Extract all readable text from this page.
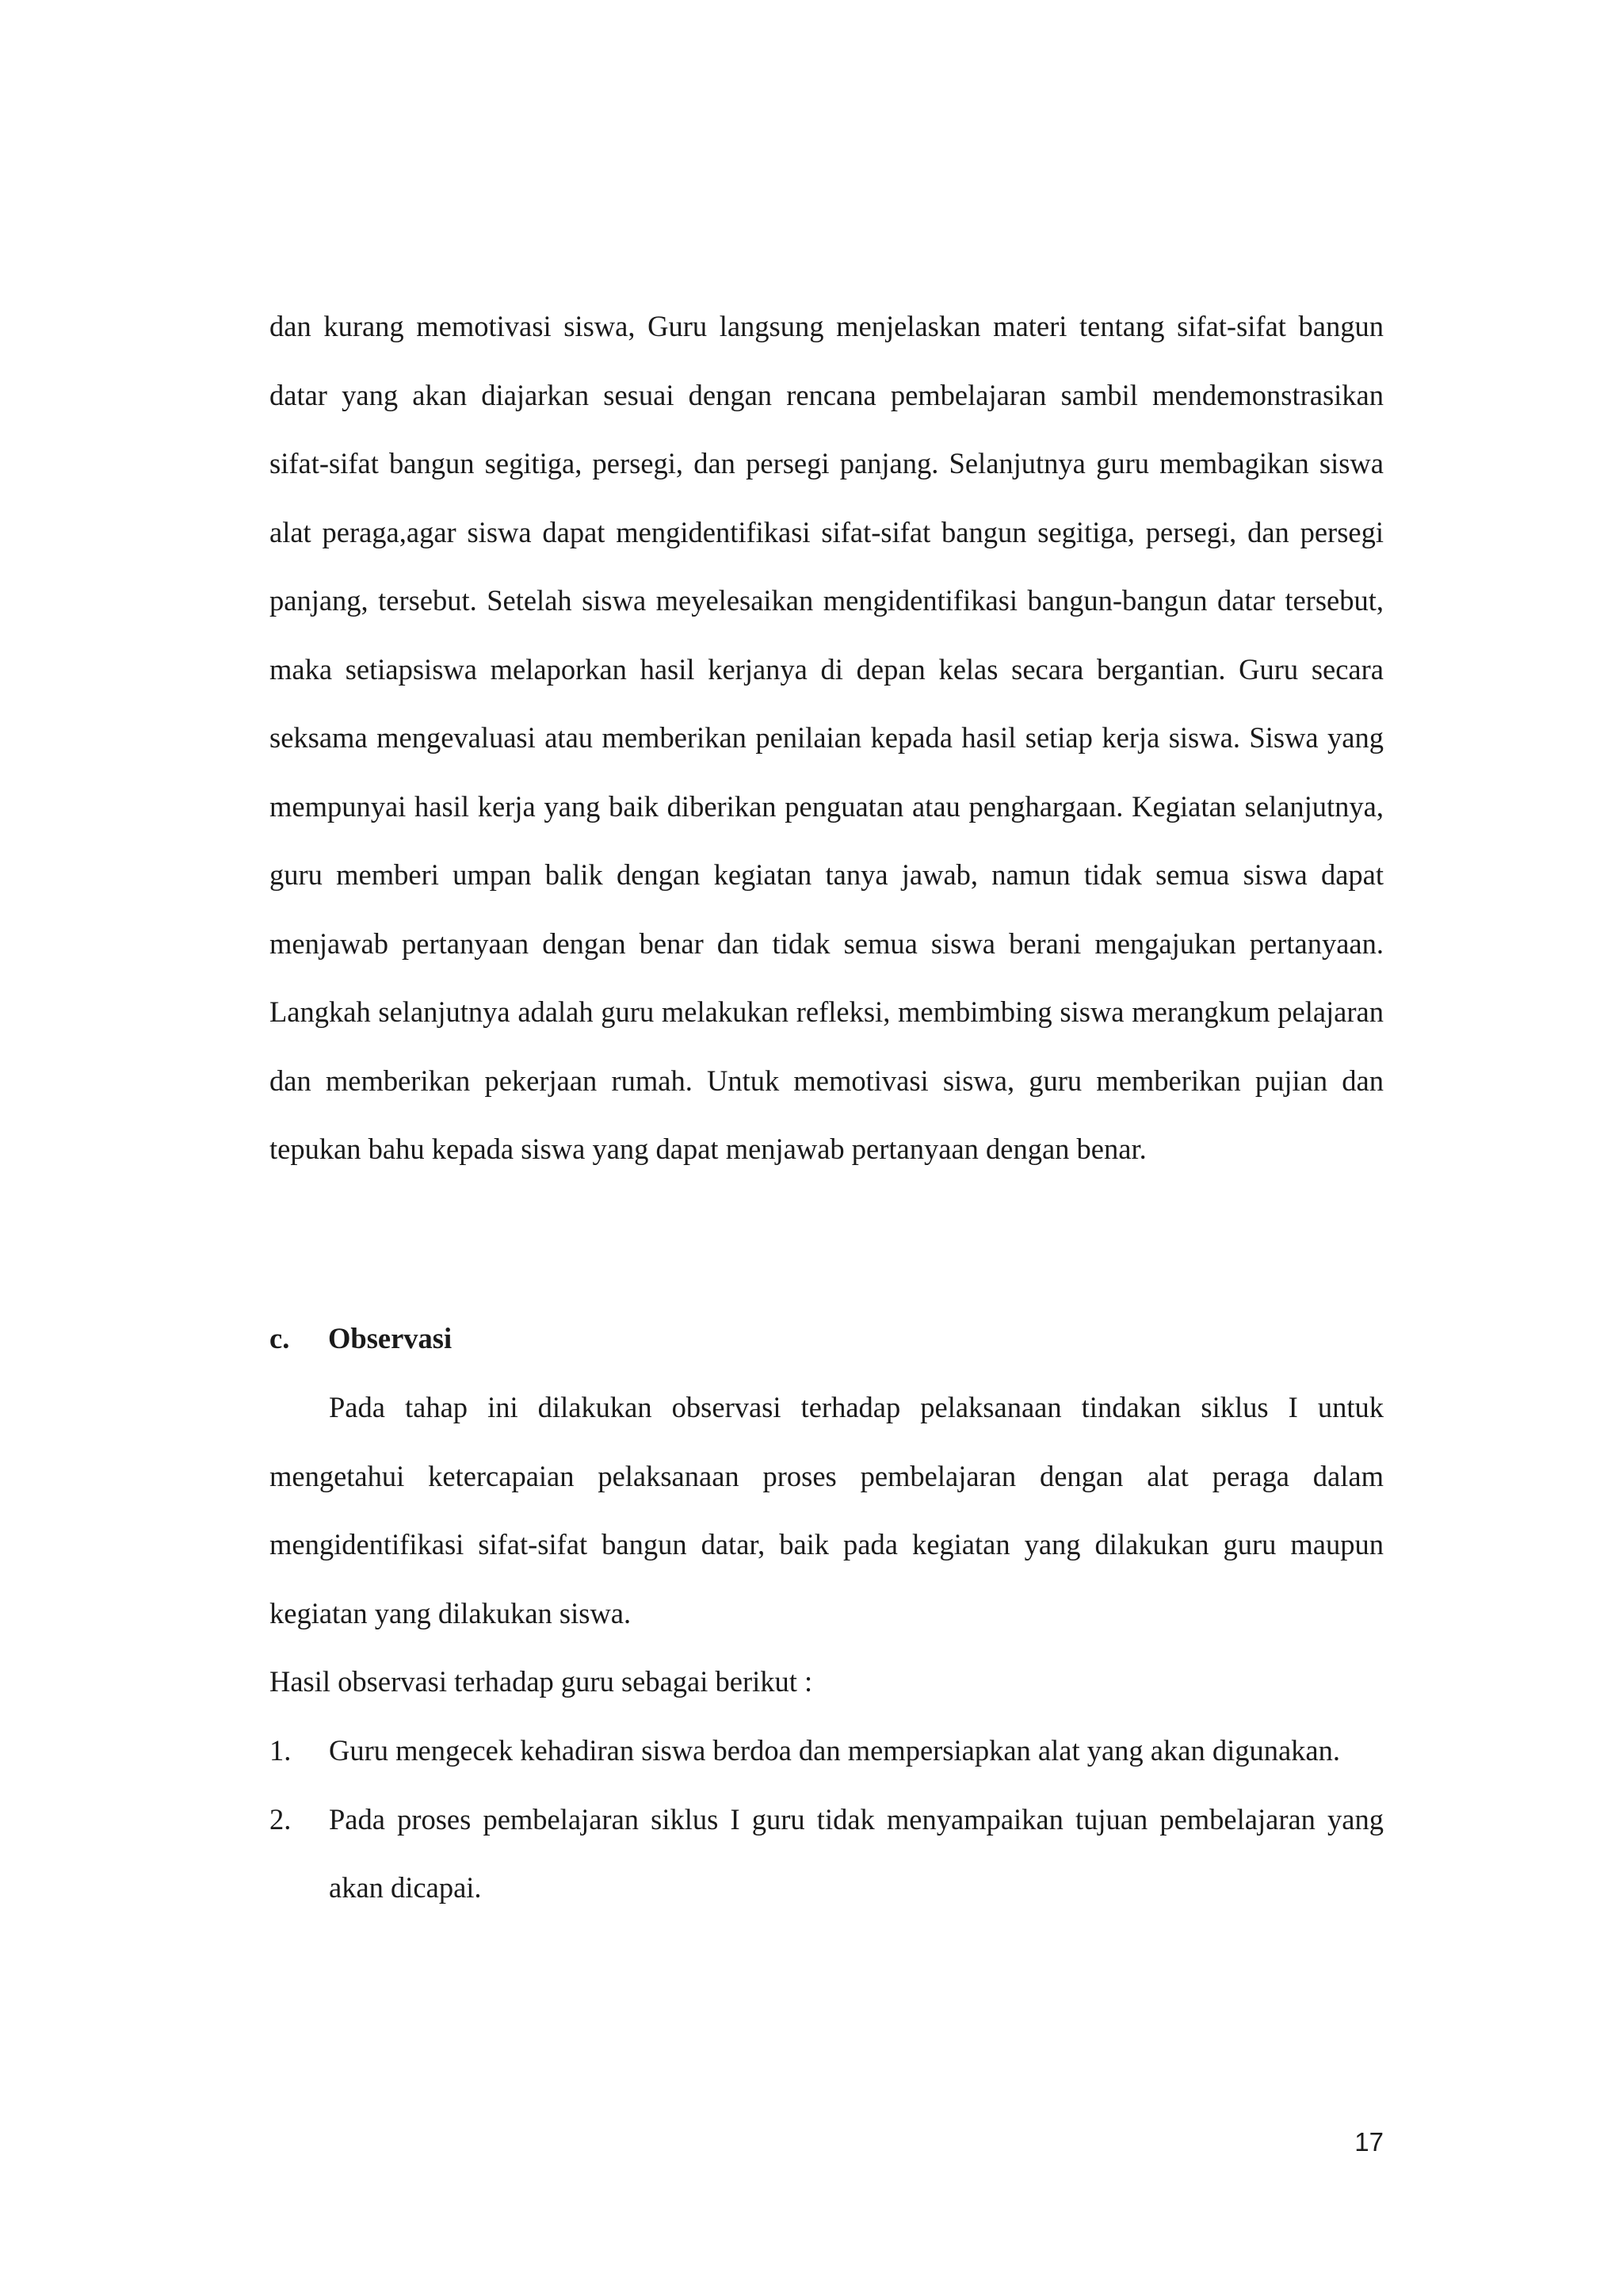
dan kurang memotivasi siswa, Guru langsung menjelaskan materi tentang sifat-sifat bangun datar yang akan diajarkan sesuai dengan rencana pembelajaran sambil mendemonstrasikan sifat-sifat bangun segitiga, persegi, dan persegi panjang. Selanjutnya guru membagikan siswa alat peraga,agar siswa dapat mengidentifikasi sifat-sifat bangun segitiga, persegi, dan persegi panjang, tersebut. Setelah siswa meyelesaikan mengidentifikasi bangun-bangun datar tersebut, maka setiapsiswa melaporkan hasil kerjanya di depan kelas secara bergantian. Guru secara seksama mengevaluasi atau memberikan penilaian kepada hasil setiap kerja siswa. Siswa yang mempunyai hasil kerja yang baik diberikan penguatan atau penghargaan. Kegiatan selanjutnya, guru memberi umpan balik dengan kegiatan tanya jawab, namun tidak semua siswa dapat menjawab pertanyaan dengan benar dan tidak semua siswa berani mengajukan pertanyaan. Langkah selanjutnya adalah guru melakukan refleksi, membimbing siswa merangkum pelajaran dan memberikan pekerjaan rumah. Untuk memotivasi siswa, guru memberikan pujian dan tepukan bahu kepada siswa yang dapat menjawab pertanyaan dengan benar.

c. Observasi

Pada tahap ini dilakukan observasi terhadap pelaksanaan tindakan siklus I untuk mengetahui ketercapaian pelaksanaan proses pembelajaran dengan alat peraga dalam mengidentifikasi sifat-sifat bangun datar, baik pada kegiatan yang dilakukan guru maupun kegiatan yang dilakukan siswa.

Hasil observasi terhadap guru sebagai berikut :
1. Guru mengecek kehadiran siswa berdoa dan mempersiapkan alat yang akan digunakan.
2. Pada proses pembelajaran siklus I guru tidak menyampaikan tujuan pembelajaran yang akan dicapai.
17
